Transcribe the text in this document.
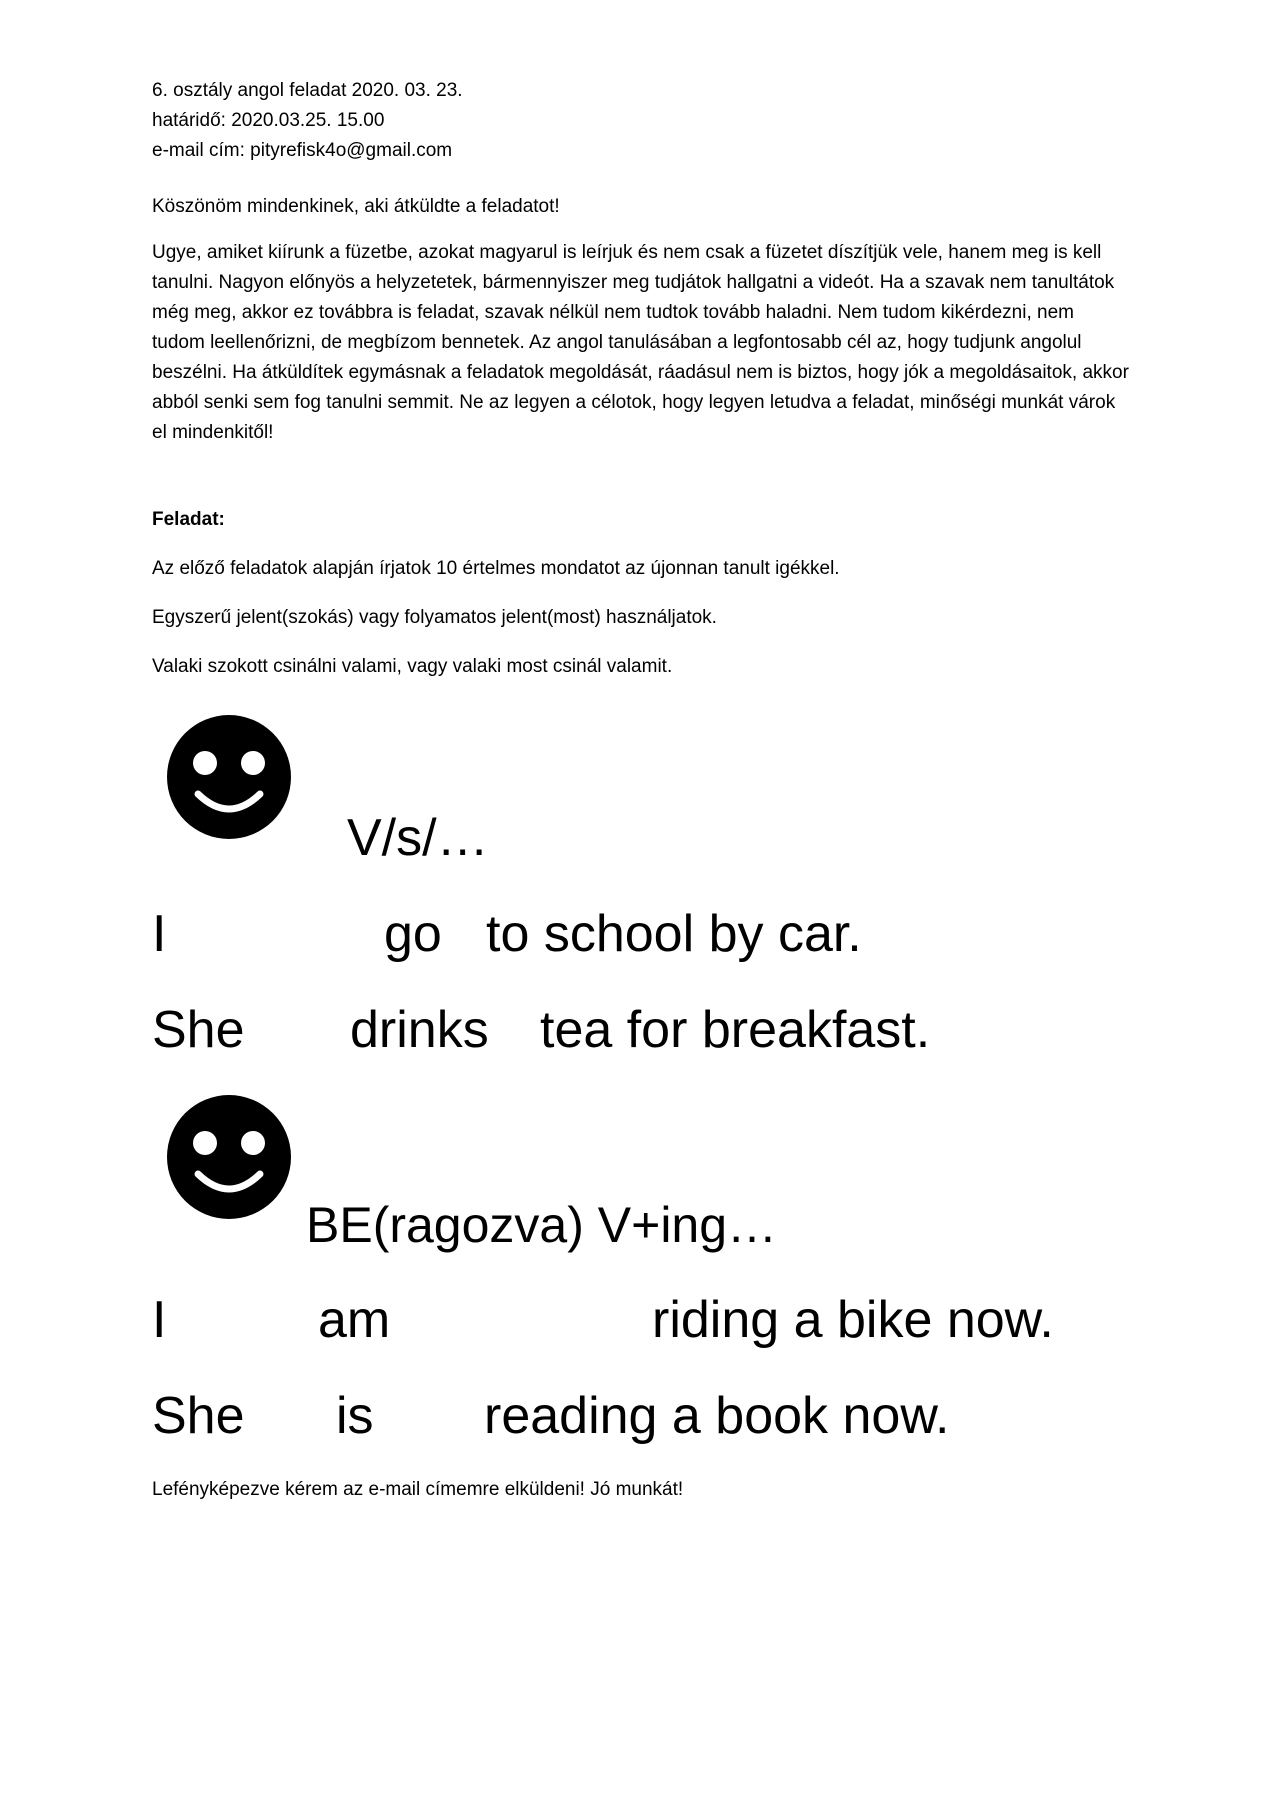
6. osztály angol feladat 2020. 03. 23.
határidő: 2020.03.25. 15.00
e-mail cím: pityrefisk4o@gmail.com
Köszönöm mindenkinek, aki átküldte a feladatot!
Ugye, amiket kiírunk a füzetbe, azokat magyarul is leírjuk és nem csak a füzetet díszítjük vele, hanem meg is kell tanulni. Nagyon előnyös a helyzetetek, bármennyiszer meg tudjátok hallgatni a videót. Ha a szavak nem tanultátok még meg, akkor ez továbbra is feladat, szavak nélkül nem tudtok tovább haladni. Nem tudom kikérdezni, nem tudom leellenőrizni, de megbízom bennetek. Az angol tanulásában a legfontosabb cél az, hogy tudjunk angolul beszélni. Ha átküldítek egymásnak a feladatok megoldását, ráadásul nem is biztos, hogy jók a megoldásaitok, akkor abból senki sem fog tanulni semmit. Ne az legyen a célotok, hogy legyen letudva a feladat, minőségi munkát várok el mindenkitől!
Feladat:
Az előző feladatok alapján írjatok 10 értelmes mondatot az újonnan tanult igékkel.
Egyszerű jelent(szokás) vagy folyamatos jelent(most) használjatok.
Valaki szokott csinálni valami, vagy valaki most csinál valamit.
V/s/…
I	go to school by car.
She drinks tea for breakfast.
BE(ragozva) V+ing…
I	am	riding a bike now.
She is reading a book now.
Lefényképezve kérem az e-mail címemre elküldeni! Jó munkát!
